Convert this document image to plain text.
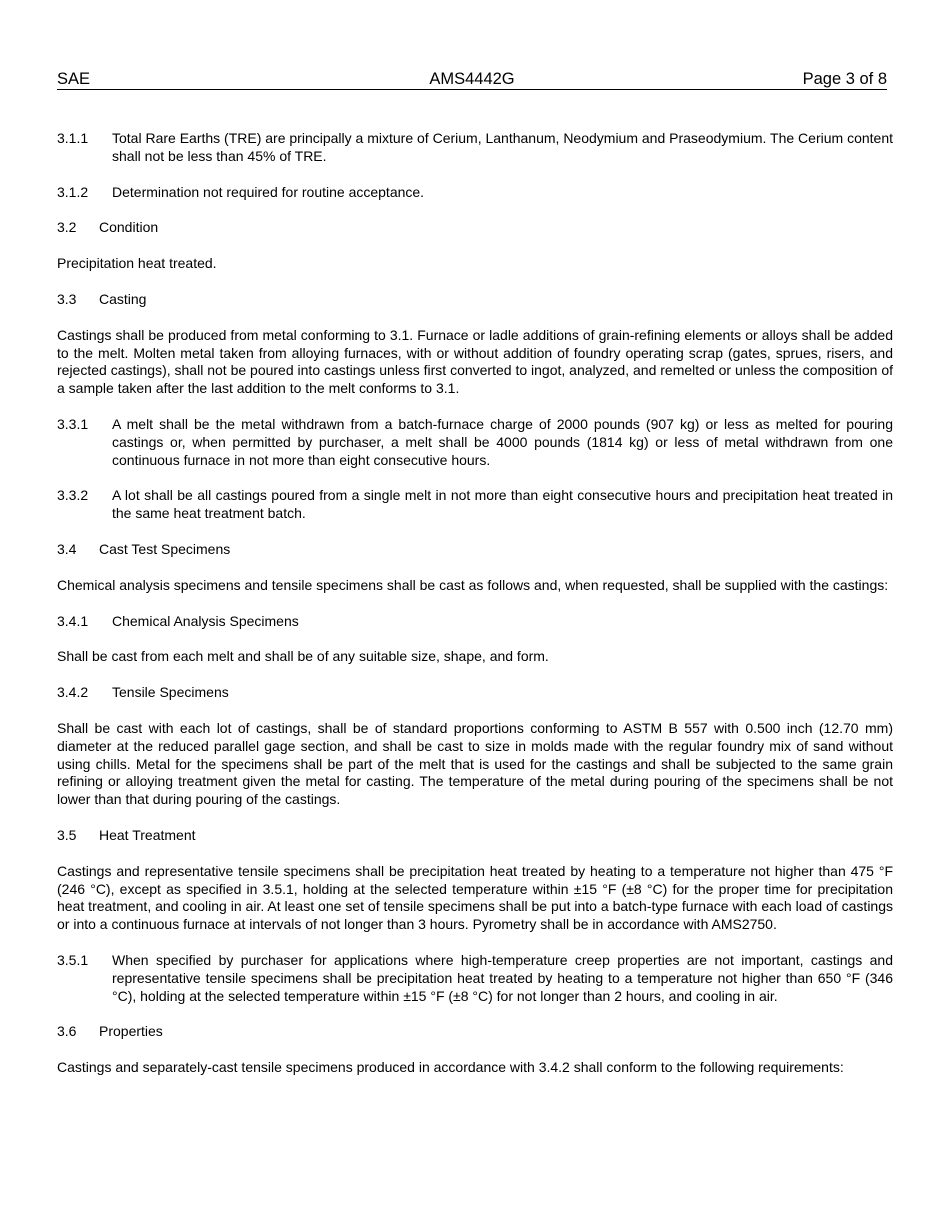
SAE	AMS4442G	Page 3 of 8
3.1.1 Total Rare Earths (TRE) are principally a mixture of Cerium, Lanthanum, Neodymium and Praseodymium. The Cerium content shall not be less than 45% of TRE.
3.1.2 Determination not required for routine acceptance.
3.2 Condition
Precipitation heat treated.
3.3 Casting
Castings shall be produced from metal conforming to 3.1. Furnace or ladle additions of grain-refining elements or alloys shall be added to the melt. Molten metal taken from alloying furnaces, with or without addition of foundry operating scrap (gates, sprues, risers, and rejected castings), shall not be poured into castings unless first converted to ingot, analyzed, and remelted or unless the composition of a sample taken after the last addition to the melt conforms to 3.1.
3.3.1 A melt shall be the metal withdrawn from a batch-furnace charge of 2000 pounds (907 kg) or less as melted for pouring castings or, when permitted by purchaser, a melt shall be 4000 pounds (1814 kg) or less of metal withdrawn from one continuous furnace in not more than eight consecutive hours.
3.3.2 A lot shall be all castings poured from a single melt in not more than eight consecutive hours and precipitation heat treated in the same heat treatment batch.
3.4 Cast Test Specimens
Chemical analysis specimens and tensile specimens shall be cast as follows and, when requested, shall be supplied with the castings:
3.4.1 Chemical Analysis Specimens
Shall be cast from each melt and shall be of any suitable size, shape, and form.
3.4.2 Tensile Specimens
Shall be cast with each lot of castings, shall be of standard proportions conforming to ASTM B 557 with 0.500 inch (12.70 mm) diameter at the reduced parallel gage section, and shall be cast to size in molds made with the regular foundry mix of sand without using chills. Metal for the specimens shall be part of the melt that is used for the castings and shall be subjected to the same grain refining or alloying treatment given the metal for casting. The temperature of the metal during pouring of the specimens shall be not lower than that during pouring of the castings.
3.5 Heat Treatment
Castings and representative tensile specimens shall be precipitation heat treated by heating to a temperature not higher than 475 °F (246 °C), except as specified in 3.5.1, holding at the selected temperature within ±15 °F (±8 °C) for the proper time for precipitation heat treatment, and cooling in air. At least one set of tensile specimens shall be put into a batch-type furnace with each load of castings or into a continuous furnace at intervals of not longer than 3 hours. Pyrometry shall be in accordance with AMS2750.
3.5.1 When specified by purchaser for applications where high-temperature creep properties are not important, castings and representative tensile specimens shall be precipitation heat treated by heating to a temperature not higher than 650 °F (346 °C), holding at the selected temperature within ±15 °F (±8 °C) for not longer than 2 hours, and cooling in air.
3.6 Properties
Castings and separately-cast tensile specimens produced in accordance with 3.4.2 shall conform to the following requirements:
